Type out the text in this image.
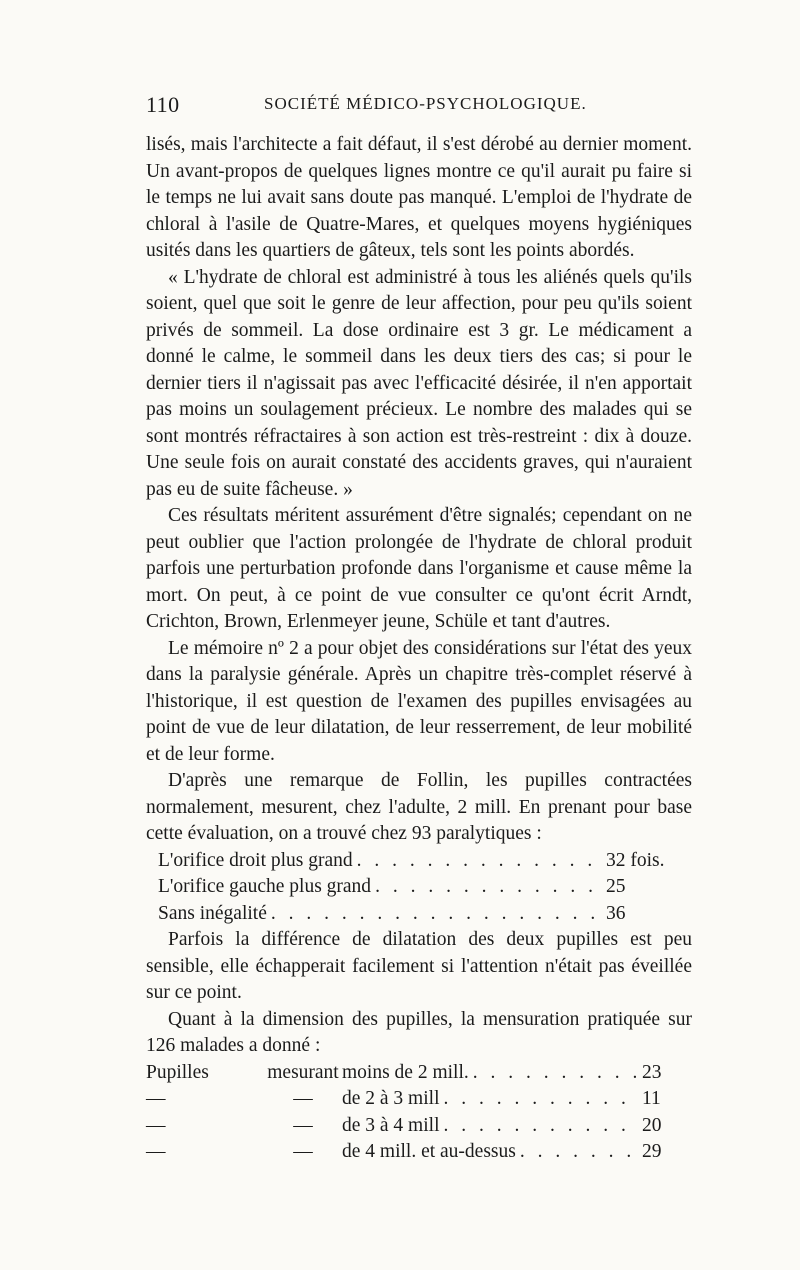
110	SOCIÉTÉ MÉDICO-PSYCHOLOGIQUE.

lisés, mais l'architecte a fait défaut, il s'est dérobé au dernier moment. Un avant-propos de quelques lignes montre ce qu'il aurait pu faire si le temps ne lui avait sans doute pas manqué. L'emploi de l'hydrate de chloral à l'asile de Quatre-Mares, et quelques moyens hygiéniques usités dans les quartiers de gâteux, tels sont les points abordés.

« L'hydrate de chloral est administré à tous les aliénés quels qu'ils soient, quel que soit le genre de leur affection, pour peu qu'ils soient privés de sommeil. La dose ordinaire est 3 gr. Le médicament a donné le calme, le sommeil dans les deux tiers des cas; si pour le dernier tiers il n'agissait pas avec l'efficacité désirée, il n'en apportait pas moins un soulagement précieux. Le nombre des malades qui se sont montrés réfractaires à son action est très-restreint : dix à douze. Une seule fois on aurait constaté des accidents graves, qui n'auraient pas eu de suite fâcheuse. »

Ces résultats méritent assurément d'être signalés; cependant on ne peut oublier que l'action prolongée de l'hydrate de chloral produit parfois une perturbation profonde dans l'organisme et cause même la mort. On peut, à ce point de vue consulter ce qu'ont écrit Arndt, Crichton, Brown, Erlenmeyer jeune, Schüle et tant d'autres.

Le mémoire nº 2 a pour objet des considérations sur l'état des yeux dans la paralysie générale. Après un chapitre très-complet réservé à l'historique, il est question de l'examen des pupilles envisagées au point de vue de leur dilatation, de leur resserrement, de leur mobilité et de leur forme.

D'après une remarque de Follin, les pupilles contractées normalement, mesurent, chez l'adulte, 2 mill. En prenant pour base cette évaluation, on a trouvé chez 93 paralytiques :

L'orifice droit plus grand . . .	32 fois.
L'orifice gauche plus grand . . .	25
Sans inégalité . . .	36

Parfois la différence de dilatation des deux pupilles est peu sensible, elle échapperait facilement si l'attention n'était pas éveillée sur ce point.

Quant à la dimension des pupilles, la mensuration pratiquée sur 126 malades a donné :

Pupilles	mesurant moins de 2 mill. . . .	23
—	—	de 2 à 3 mill . . .	11
—	—	de 3 à 4 mill . . .	20
—	—	de 4 mill. et au-dessus . . .	29
